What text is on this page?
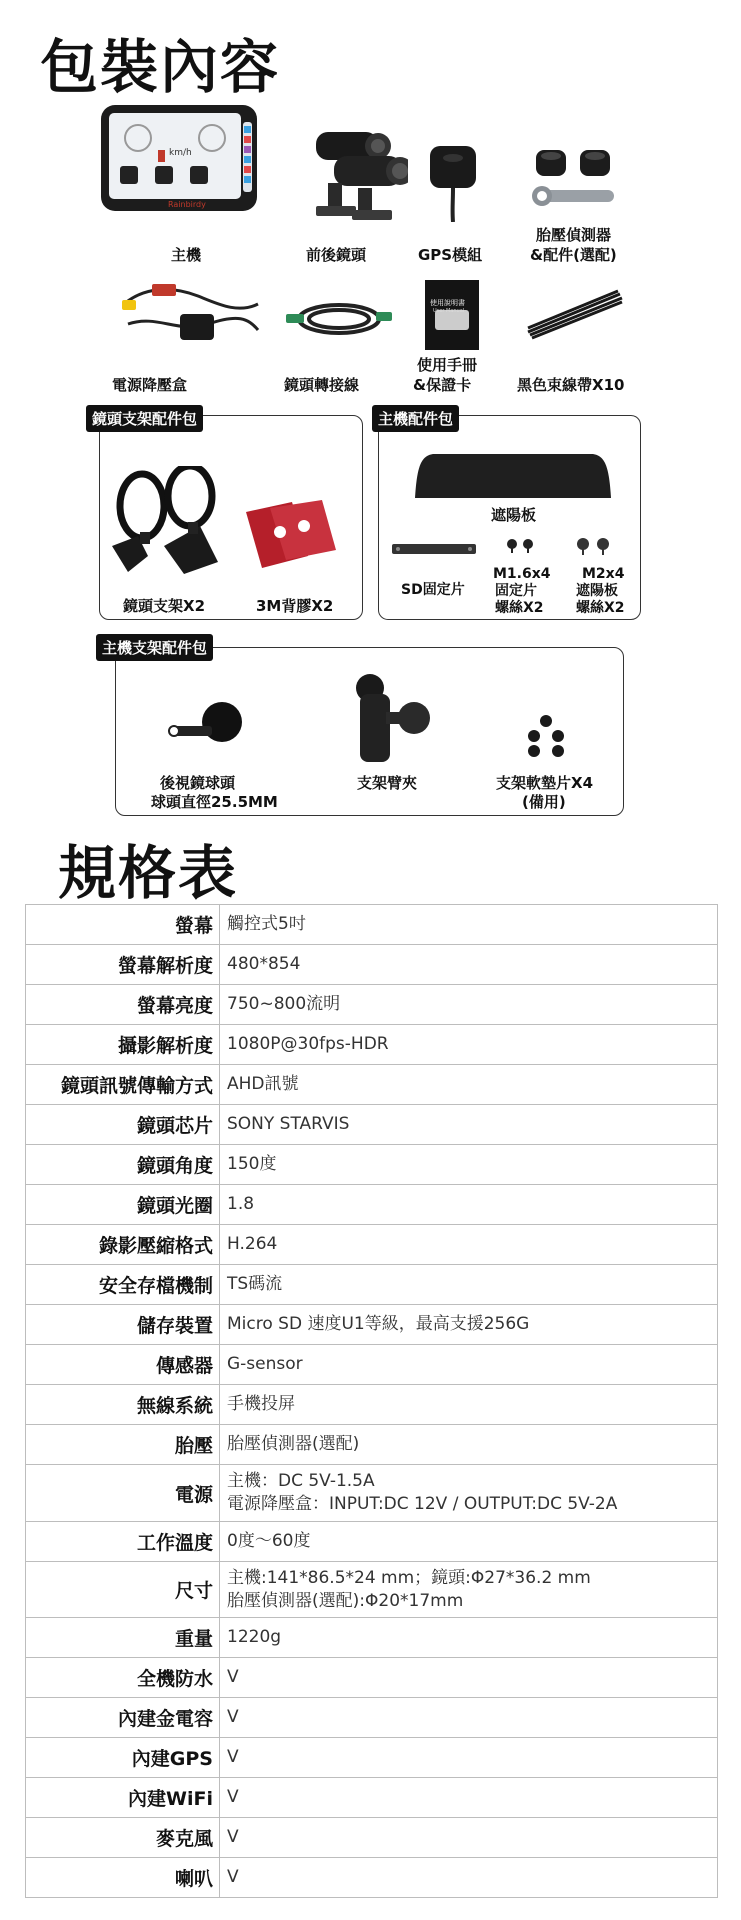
包裝內容
km/h
Rainbirdy
主機	前後鏡頭	GPS模組
胎壓偵測器
&配件(選配)
使用說明書
User Manual
電源降壓盒	鏡頭轉接線
使用手冊
&保證卡	黑色束線帶X10
鏡頭支架配件包
鏡頭支架X2	3M背膠X2
主機配件包
遮陽板
SD固定片
M1.6x4
固定片
螺絲X2
M2x4
遮陽板
螺絲X2
主機支架配件包
後視鏡球頭
球頭直徑25.5MM
支架臂夾	支架軟墊片X4
(備用)
規格表
螢幕	觸控式5吋
螢幕解析度	480*854
螢幕亮度	750~800流明
攝影解析度	1080P@30fps-HDR
鏡頭訊號傳輸方式	AHD訊號
鏡頭芯片	SONY STARVIS
鏡頭角度	150度
鏡頭光圈	1.8
錄影壓縮格式	H.264
安全存檔機制	TS碼流
儲存裝置	Micro SD 速度U1等級，最高支援256G
傳感器	G-sensor
無線系統	手機投屏
胎壓	胎壓偵測器(選配)
電源	主機：DC 5V-1.5A
電源降壓盒：INPUT:DC 12V / OUTPUT:DC 5V-2A

工作溫度	0度～60度
尺寸	主機:141*86.5*24 mm；鏡頭:Φ27*36.2 mm
胎壓偵測器(選配):Φ20*17mm

重量	1220g
全機防水	V
內建金電容	V
內建GPS	V
內建WiFi	V
麥克風	V
喇叭	V
